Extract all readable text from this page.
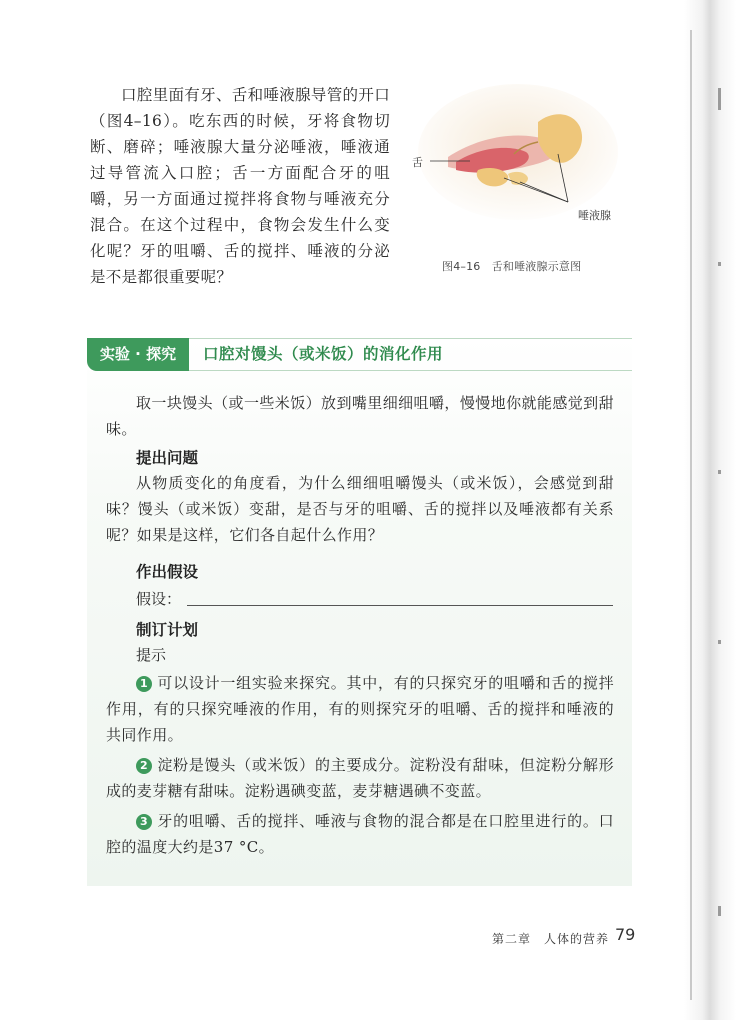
口腔里面有牙、舌和唾液腺导管的开口（图4–16）。吃东西的时候，牙将食物切断、磨碎；唾液腺大量分泌唾液，唾液通过导管流入口腔；舌一方面配合牙的咀嚼，另一方面通过搅拌将食物与唾液充分混合。在这个过程中，食物会发生什么变化呢？牙的咀嚼、舌的搅拌、唾液的分泌是不是都很重要呢？

舌
唾液腺
图4–16　舌和唾液腺示意图
实验 · 探究	口腔对馒头（或米饭）的消化作用
取一块馒头（或一些米饭）放到嘴里细细咀嚼，慢慢地你就能感觉到甜味。
提出问题
从物质变化的角度看，为什么细细咀嚼馒头（或米饭），会感觉到甜味？馒头（或米饭）变甜，是否与牙的咀嚼、舌的搅拌以及唾液都有关系呢？如果是这样，它们各自起什么作用？
作出假设
假设：
制订计划
提示
1 可以设计一组实验来探究。其中，有的只探究牙的咀嚼和舌的搅拌作用，有的只探究唾液的作用，有的则探究牙的咀嚼、舌的搅拌和唾液的共同作用。
2 淀粉是馒头（或米饭）的主要成分。淀粉没有甜味，但淀粉分解形成的麦芽糖有甜味。淀粉遇碘变蓝，麦芽糖遇碘不变蓝。
3 牙的咀嚼、舌的搅拌、唾液与食物的混合都是在口腔里进行的。口腔的温度大约是37 °C。
第二章　人体的营养 79
